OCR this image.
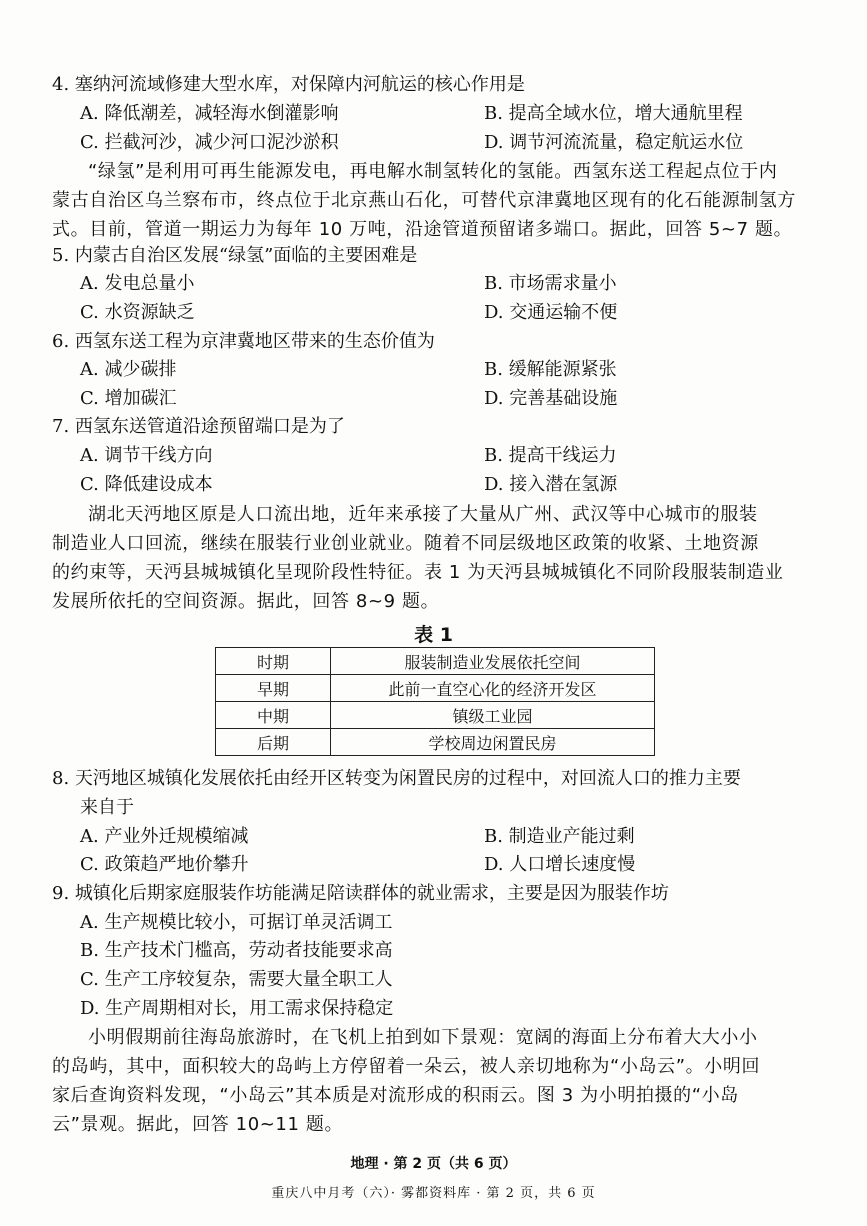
4. 塞纳河流域修建大型水库，对保障内河航运的核心作用是
A. 降低潮差，减轻海水倒灌影响	B. 提高全域水位，增大通航里程
C. 拦截河沙，减少河口泥沙淤积	D. 调节河流流量，稳定航运水位

“绿氢”是利用可再生能源发电，再电解水制氢转化的氢能。西氢东送工程起点位于内

蒙古自治区乌兰察布市，终点位于北京燕山石化，可替代京津冀地区现有的化石能源制氢方

式。目前，管道一期运力为每年 10 万吨，沿途管道预留诸多端口。据此，回答 5~7 题。

5. 内蒙古自治区发展“绿氢”面临的主要困难是
A. 发电总量小	B. 市场需求量小
C. 水资源缺乏	D. 交通运输不便
6. 西氢东送工程为京津冀地区带来的生态价值为
A. 减少碳排	B. 缓解能源紧张
C. 增加碳汇	D. 完善基础设施
7. 西氢东送管道沿途预留端口是为了
A. 调节干线方向	B. 提高干线运力
C. 降低建设成本	D. 接入潜在氢源

湖北天沔地区原是人口流出地，近年来承接了大量从广州、武汉等中心城市的服装

制造业人口回流，继续在服装行业创业就业。随着不同层级地区政策的收紧、土地资源

的约束等，天沔县城城镇化呈现阶段性特征。表 1 为天沔县城城镇化不同阶段服装制造业

发展所依托的空间资源。据此，回答 8~9 题。

表 1
时期	服装制造业发展依托空间
早期	此前一直空心化的经济开发区
中期	镇级工业园
后期	学校周边闲置民房
8. 天沔地区城镇化发展依托由经开区转变为闲置民房的过程中，对回流人口的推力主要
来自于
A. 产业外迁规模缩减	B. 制造业产能过剩
C. 政策趋严地价攀升	D. 人口增长速度慢
9. 城镇化后期家庭服装作坊能满足陪读群体的就业需求，主要是因为服装作坊
A. 生产规模比较小，可据订单灵活调工
B. 生产技术门槛高，劳动者技能要求高
C. 生产工序较复杂，需要大量全职工人
D. 生产周期相对长，用工需求保持稳定

小明假期前往海岛旅游时，在飞机上拍到如下景观：宽阔的海面上分布着大大小小

的岛屿，其中，面积较大的岛屿上方停留着一朵云，被人亲切地称为“小岛云”。小明回

家后查询资料发现，“小岛云”其本质是对流形成的积雨云。图 3 为小明拍摄的“小岛

云”景观。据此，回答 10~11 题。

地理 · 第 2 页（共 6 页）
重庆八中月考（六）· 雾都资料库 · 第 2 页，共 6 页
